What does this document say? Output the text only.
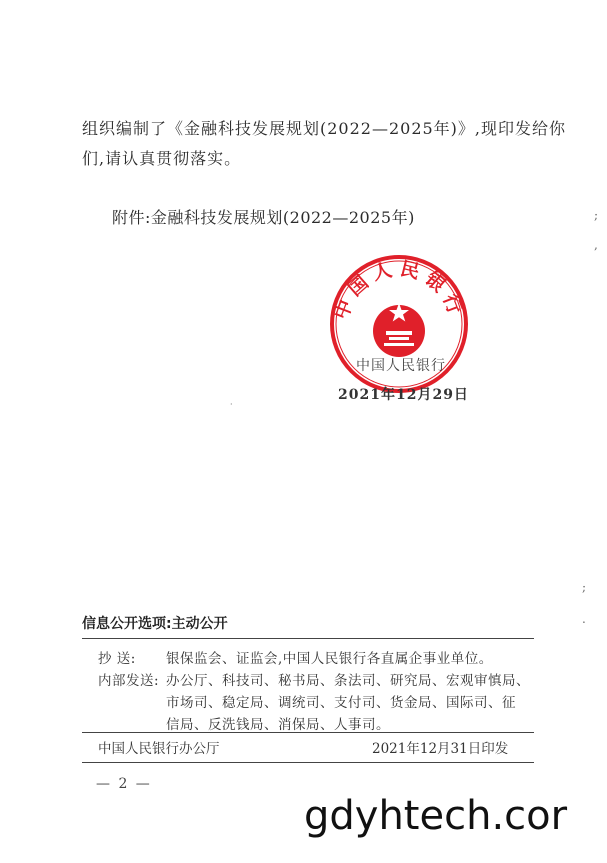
组织编制了《金融科技发展规划(2022—2025年)》,现印发给你
们,请认真贯彻落实。
附件:金融科技发展规划(2022—2025年)	;
,
;
.
中国人民银行
中国人民银行
2021年12月29日
·
信息公开选项:主动公开
抄 送: 银保监会、证监会,中国人民银行各直属企事业单位。
内部发送: 办公厅、科技司、秘书局、条法司、研究局、宏观审慎局、
市场司、稳定局、调统司、支付司、货金局、国际司、征
信局、反洗钱局、消保局、人事司。
中国人民银行办公厅	2021年12月31日印发
— 2 —
gdyhtech.cor
